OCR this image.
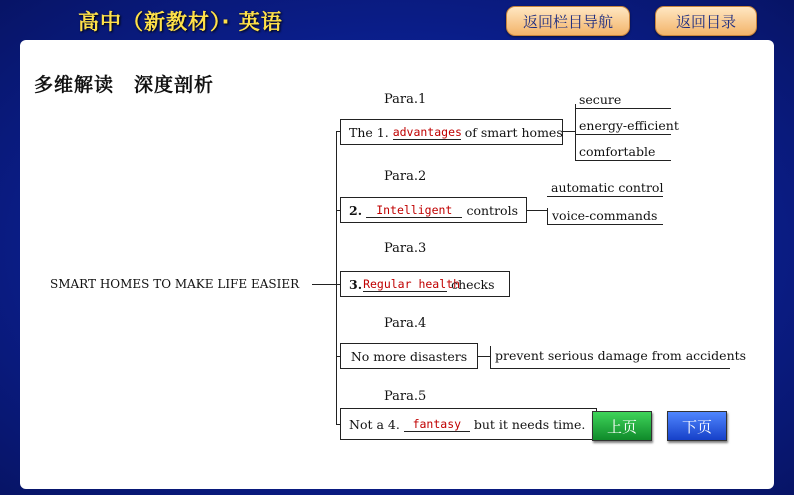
高中（新教材）· 英语	返回栏目导航	返回目录
多维解读　深度剖析
SMART HOMES TO MAKE LIFE EASIER
Para.1
The 1. advantages of smart homes
secure
energy-efficient
comfortable
Para.2
2.	Intelligent	controls
automatic control
voice-commands
Para.3
3. Regular health
checks
Para.4
No more disasters	prevent serious damage from accidents
Para.5
Not a 4.	fantasy	but it needs time.	上页	下页
